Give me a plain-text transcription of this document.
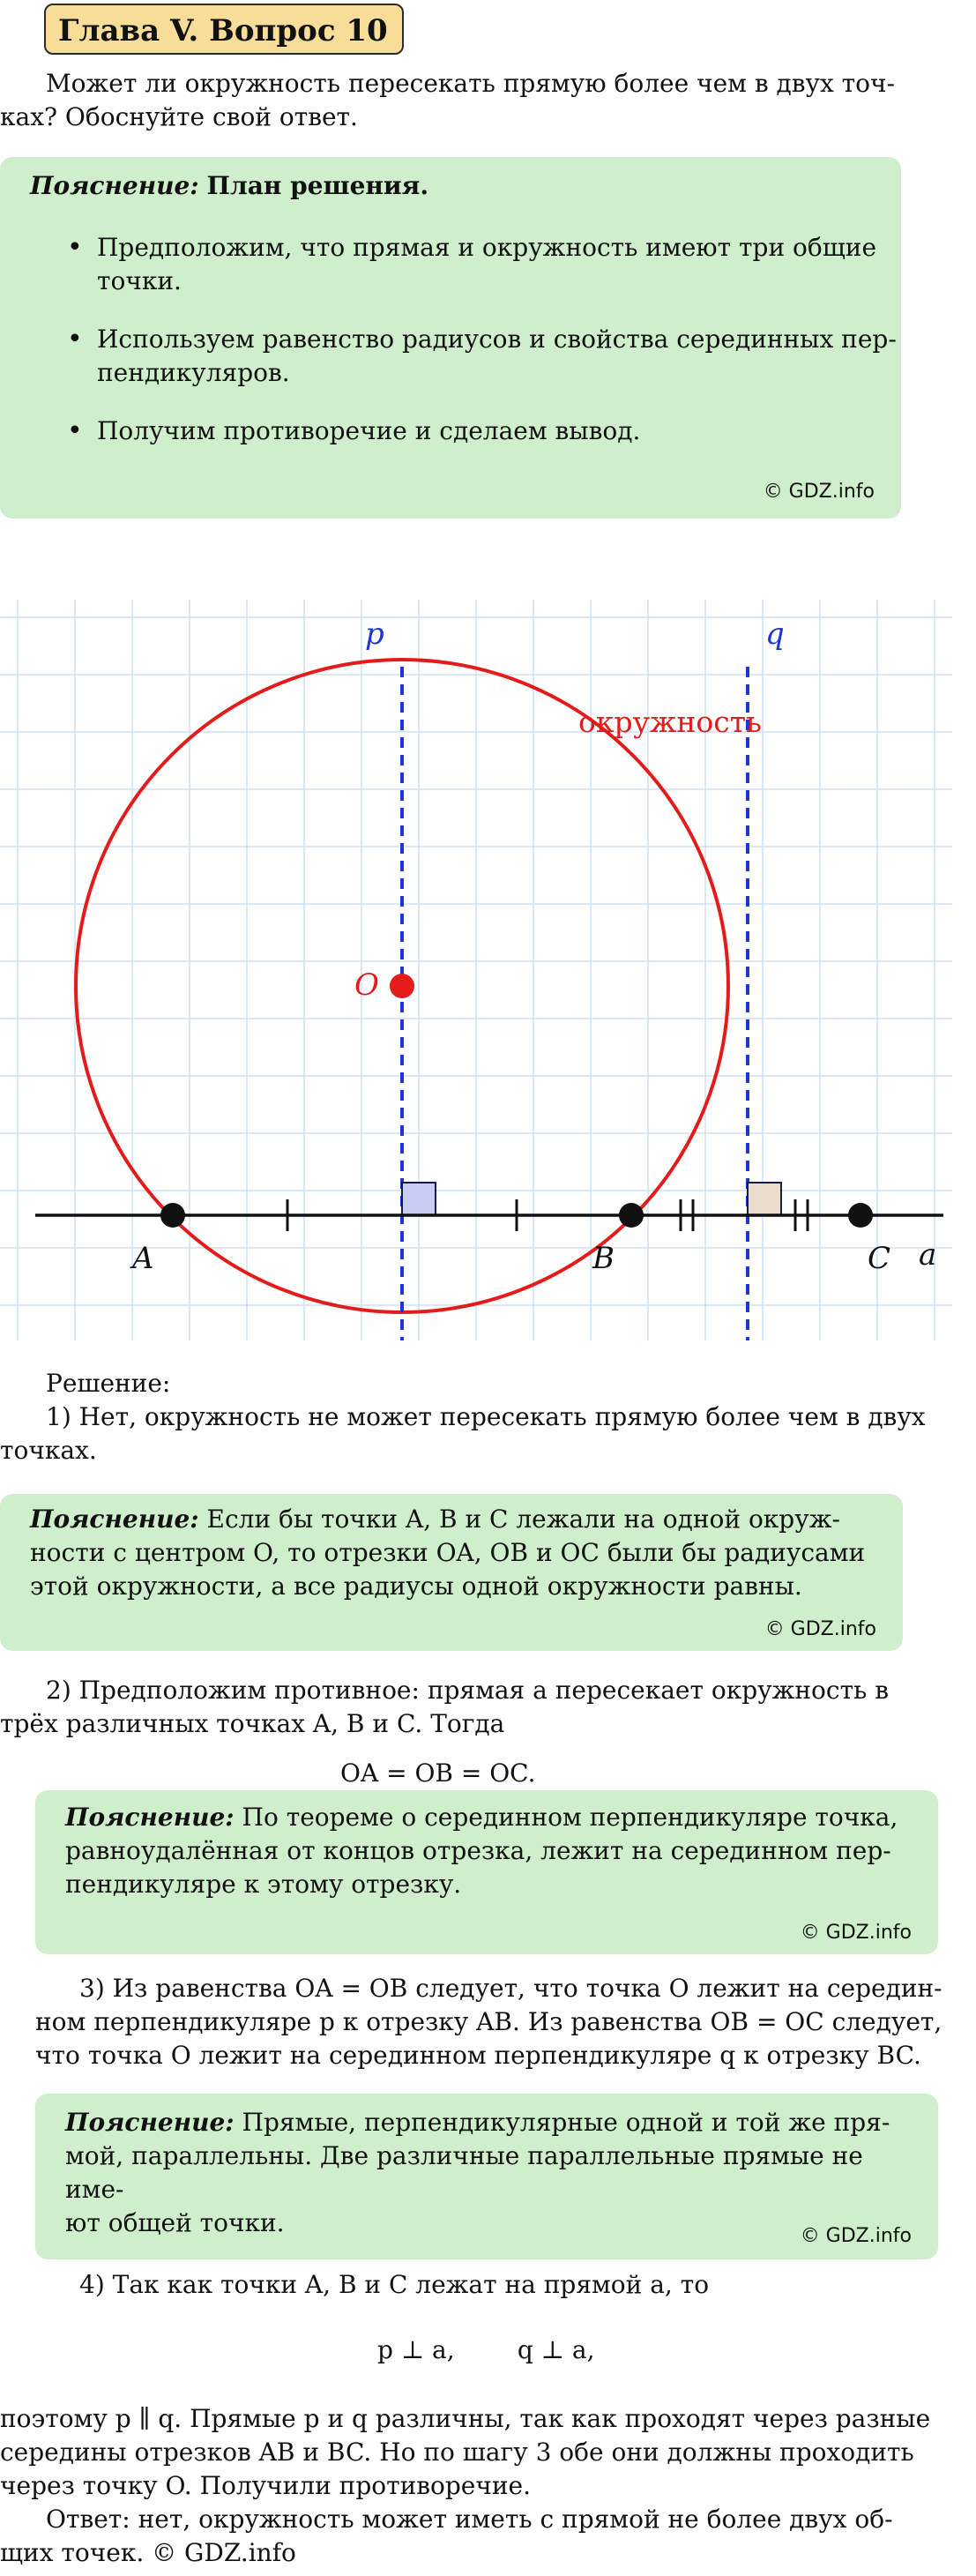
Глава V. Вопрос 10
Может ли окружность пересекать прямую более чем в двух точ-
ках? Обоснуйте свой ответ.
Пояснение: План решения.
• Предположим, что прямая и окружность имеют три общие
точки.
• Используем равенство радиусов и свойства серединных пер-
пендикуляров.
• Получим противоречие и сделаем вывод.
© GDZ.info
p	q
окружность
O
A	B	C a
Решение:
1) Нет, окружность не может пересекать прямую более чем в двух
точках.
Пояснение: Если бы точки A, B и C лежали на одной окруж-
ности с центром O, то отрезки OA, OB и OC были бы радиусами
этой окружности, а все радиусы одной окружности равны.
© GDZ.info
2) Предположим противное: прямая a пересекает окружность в
трёх различных точках A, B и C. Тогда
OA = OB = OC.
Пояснение: По теореме о серединном перпендикуляре точка,
равноудалённая от концов отрезка, лежит на серединном пер-
пендикуляре к этому отрезку.
© GDZ.info
3) Из равенства OA = OB следует, что точка O лежит на середин-
ном перпендикуляре p к отрезку AB. Из равенства OB = OC следует,
что точка O лежит на серединном перпендикуляре q к отрезку BC.
Пояснение: Прямые, перпендикулярные одной и той же пря-
мой, параллельны. Две различные параллельные прямые не име-
ют общей точки.	© GDZ.info
4) Так как точки A, B и C лежат на прямой a, то
p ⊥ a,        q ⊥ a,
поэтому p ∥ q. Прямые p и q различны, так как проходят через разные
середины отрезков AB и BC. Но по шагу 3 обе они должны проходить
через точку O. Получили противоречие.
Ответ: нет, окружность может иметь с прямой не более двух об-
щих точек. © GDZ.info
